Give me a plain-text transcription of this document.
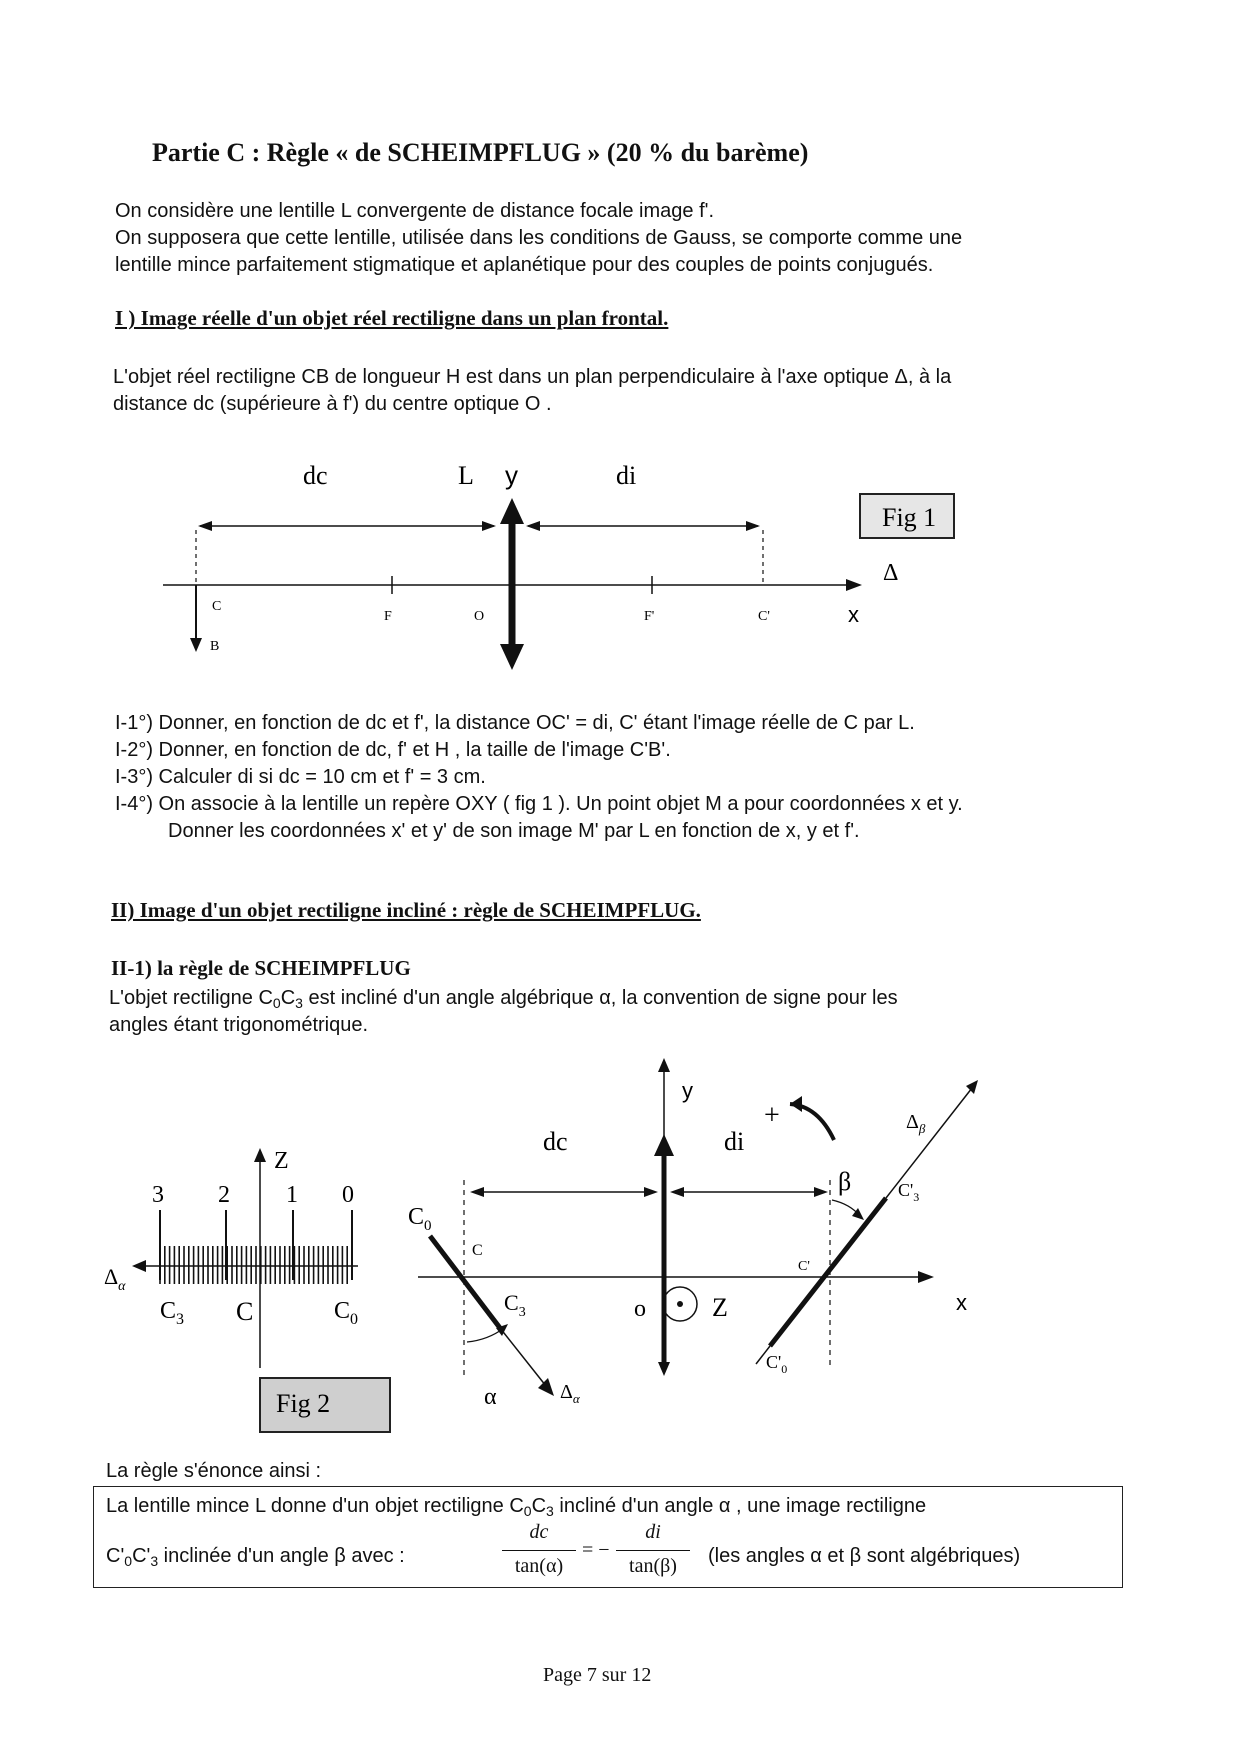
Partie C : Règle « de SCHEIMPFLUG » (20 % du barème)
On considère une lentille L convergente de distance focale image f'.
On supposera que cette lentille, utilisée dans les conditions de Gauss, se comporte comme une
lentille mince parfaitement stigmatique et aplanétique pour des couples de points conjugués.
I ) Image réelle d'un objet réel rectiligne dans un plan frontal.
L'objet réel rectiligne CB de longueur H est dans un plan perpendiculaire à l'axe optique Δ, à la
distance dc (supérieure à f') du centre optique O .
dc	L y	di
Fig 1
Δ
C
B
F	O	F'	C'	x
I-1°) Donner, en fonction de dc et f', la distance OC' = di, C' étant l'image réelle de C par L.
I-2°) Donner, en fonction de dc, f' et H , la taille de l'image C'B'.
I-3°) Calculer di si dc = 10 cm et f' = 3 cm.
I-4°) On associe à la lentille un repère OXY ( fig 1 ). Un point objet M a pour coordonnées x et y.
Donner les coordonnées x' et y' de son image M' par L en fonction de x, y et f'.
II) Image d'un objet rectiligne incliné : règle de SCHEIMPFLUG.
II-1) la règle de SCHEIMPFLUG
L'objet rectiligne $C_0C_3$ est incliné d'un angle algébrique α, la convention de signe pour les
angles étant trigonométrique.
Z
3 2 1 0
$\Delta_\alpha$
$C_3$ C	$C_0$
Fig 2
y
x
dc	di
+
$\Delta_\alpha$
$C_0$
C
$C_3$
α
o	Z
$\Delta_\beta$
β	$C'_3$
C'
$C'_0$
La règle s'énonce ainsi :
La lentille mince L donne d'un objet rectiligne $C_0C_3$ incliné d'un angle α , une image rectiligne
$C'_0C'_3$ inclinée d'un angle β avec :
dc
tan(α)
= −
di
tan(β)	(les angles α et β sont algébriques)
Page 7 sur 12
